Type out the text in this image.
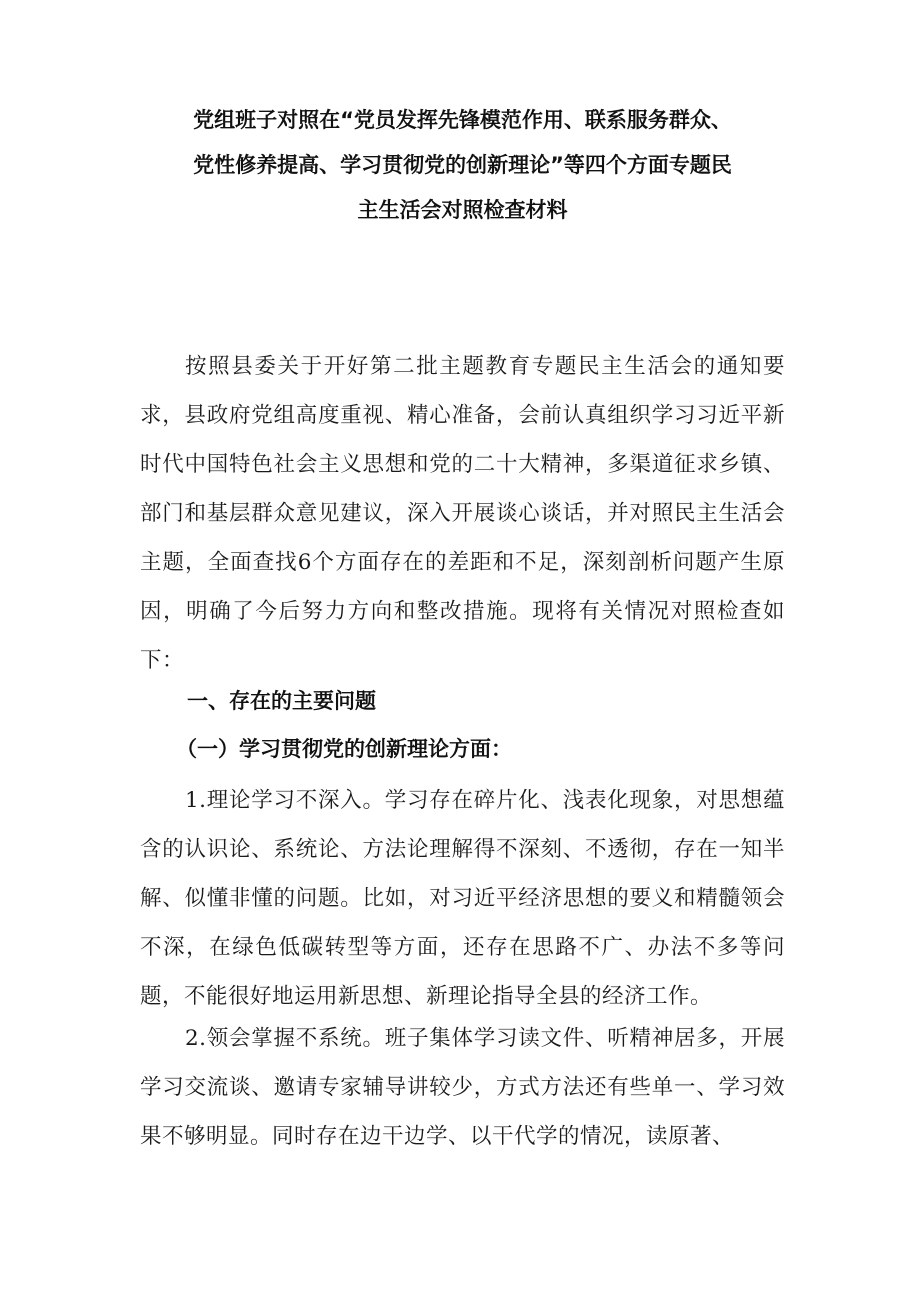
党组班子对照在“党员发挥先锋模范作用、联系服务群众、
党性修养提高、学习贯彻党的创新理论”等四个方面专题民
主生活会对照检查材料

按照县委关于开好第二批主题教育专题民主生活会的通知要求，县政府党组高度重视、精心准备，会前认真组织学习习近平新时代中国特色社会主义思想和党的二十大精神，多渠道征求乡镇、部门和基层群众意见建议，深入开展谈心谈话，并对照民主生活会主题，全面查找6个方面存在的差距和不足，深刻剖析问题产生原因，明确了今后努力方向和整改措施。现将有关情况对照检查如下：

一、存在的主要问题
（一）学习贯彻党的创新理论方面：

1.理论学习不深入。学习存在碎片化、浅表化现象，对思想蕴含的认识论、系统论、方法论理解得不深刻、不透彻，存在一知半解、似懂非懂的问题。比如，对习近平经济思想的要义和精髓领会不深，在绿色低碳转型等方面，还存在思路不广、办法不多等问题，不能很好地运用新思想、新理论指导全县的经济工作。

2.领会掌握不系统。班子集体学习读文件、听精神居多，开展学习交流谈、邀请专家辅导讲较少，方式方法还有些单一、学习效果不够明显。同时存在边干边学、以干代学的情况，读原著、
